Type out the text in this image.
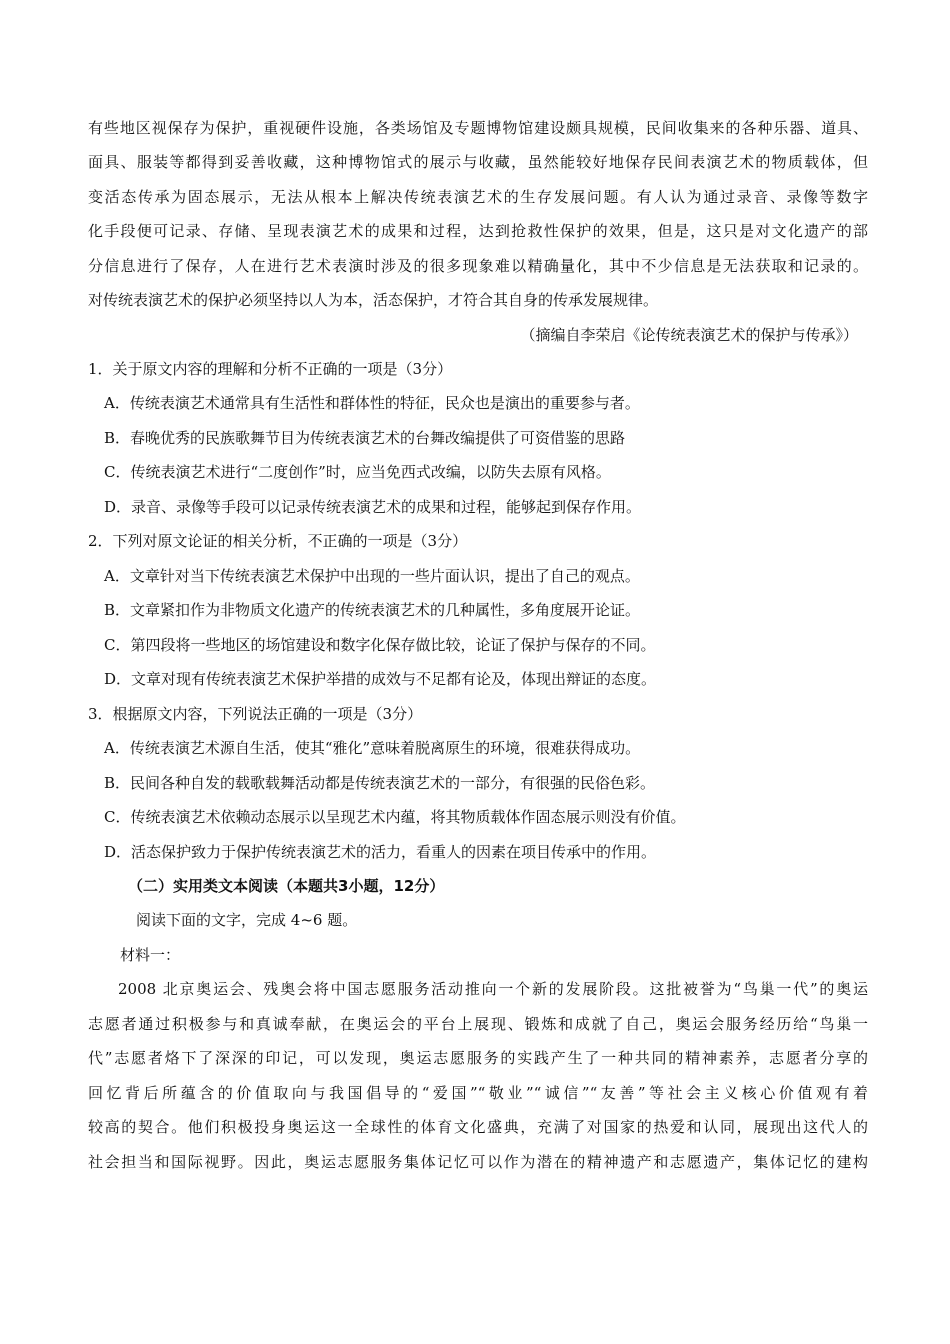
有些地区视保存为保护，重视硬件设施，各类场馆及专题博物馆建设颇具规模，民间收集来的各种乐器、道具、
面具、服装等都得到妥善收藏，这种博物馆式的展示与收藏，虽然能较好地保存民间表演艺术的物质载体，但
变活态传承为固态展示，无法从根本上解决传统表演艺术的生存发展问题。有人认为通过录音、录像等数字
化手段便可记录、存储、呈现表演艺术的成果和过程，达到抢救性保护的效果，但是，这只是对文化遗产的部
分信息进行了保存，人在进行艺术表演时涉及的很多现象难以精确量化，其中不少信息是无法获取和记录的。
对传统表演艺术的保护必须坚持以人为本，活态保护，才符合其自身的传承发展规律。
（摘编自李荣启《论传统表演艺术的保护与传承》）
1．关于原文内容的理解和分析不正确的一项是（3分）
A．传统表演艺术通常具有生活性和群体性的特征，民众也是演出的重要参与者。
B．春晚优秀的民族歌舞节目为传统表演艺术的台舞改编提供了可资借鉴的思路
C．传统表演艺术进行“二度创作”时，应当免西式改编，以防失去原有风格。
D．录音、录像等手段可以记录传统表演艺术的成果和过程，能够起到保存作用。
2．下列对原文论证的相关分析，不正确的一项是（3分）
A．文章针对当下传统表演艺术保护中出现的一些片面认识，提出了自己的观点。
B．文章紧扣作为非物质文化遗产的传统表演艺术的几种属性，多角度展开论证。
C．第四段将一些地区的场馆建设和数字化保存做比较，论证了保护与保存的不同。
D．文章对现有传统表演艺术保护举措的成效与不足都有论及，体现出辩证的态度。
3．根据原文内容，下列说法正确的一项是（3分）
A．传统表演艺术源自生活，使其“雅化”意味着脱离原生的环境，很难获得成功。
B．民间各种自发的载歌载舞活动都是传统表演艺术的一部分，有很强的民俗色彩。
C．传统表演艺术依赖动态展示以呈现艺术内蕴，将其物质载体作固态展示则没有价值。
D．活态保护致力于保护传统表演艺术的活力，看重人的因素在项目传承中的作用。
（二）实用类文本阅读（本题共3小题，12分）
阅读下面的文字，完成 4~6 题。
材料一：
2008 北京奥运会、残奥会将中国志愿服务活动推向一个新的发展阶段。这批被誉为“鸟巢一代”的奥运
志愿者通过积极参与和真诚奉献，在奥运会的平台上展现、锻炼和成就了自己，奥运会服务经历给“鸟巢一
代”志愿者烙下了深深的印记，可以发现，奥运志愿服务的实践产生了一种共同的精神素养，志愿者分享的
回忆背后所蕴含的价值取向与我国倡导的“爱国”“敬业”“诚信”“友善”等社会主义核心价值观有着
较高的契合。他们积极投身奥运这一全球性的体育文化盛典，充满了对国家的热爱和认同，展现出这代人的
社会担当和国际视野。因此，奥运志愿服务集体记忆可以作为潜在的精神遗产和志愿遗产，集体记忆的建构
